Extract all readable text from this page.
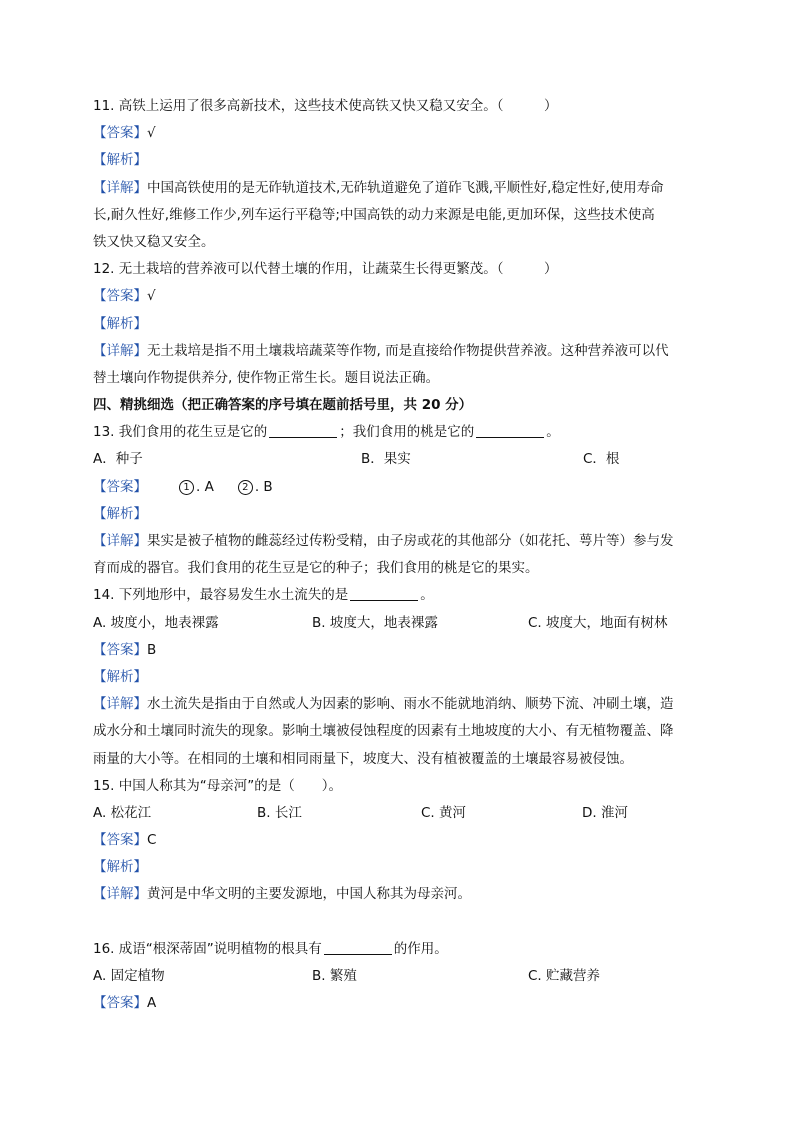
11. 高铁上运用了很多高新技术，这些技术使高铁又快又稳又安全。（　　　）
【答案】√
【解析】
【详解】中国高铁使用的是无砟轨道技术,无砟轨道避免了道砟飞溅,平顺性好,稳定性好,使用寿命
长,耐久性好,维修工作少,列车运行平稳等;中国高铁的动力来源是电能,更加环保，这些技术使高
铁又快又稳又安全。
12. 无土栽培的营养液可以代替土壤的作用，让蔬菜生长得更繁茂。（　　　）
【答案】√
【解析】
【详解】无土栽培是指不用土壤栽培蔬菜等作物, 而是直接给作物提供营养液。这种营养液可以代
替土壤向作物提供养分, 使作物正常生长。题目说法正确。
四、精挑细选（把正确答案的序号填在题前括号里，共 20 分）
13. 我们食用的花生豆是它的	；我们食用的桃是它的	。
A．种子	B．果实	C．根
【答案】	1 . A	2 . B
【解析】
【详解】果实是被子植物的雌蕊经过传粉受精，由子房或花的其他部分（如花托、萼片等）参与发
育而成的器官。我们食用的花生豆是它的种子；我们食用的桃是它的果实。
14. 下列地形中，最容易发生水土流失的是	。
A. 坡度小，地表裸露	B. 坡度大，地表裸露	C. 坡度大，地面有树林
【答案】B
【解析】
【详解】水土流失是指由于自然或人为因素的影响、雨水不能就地消纳、顺势下流、冲刷土壤，造
成水分和土壤同时流失的现象。影响土壤被侵蚀程度的因素有土地坡度的大小、有无植物覆盖、降
雨量的大小等。在相同的土壤和相同雨量下，坡度大、没有植被覆盖的土壤最容易被侵蚀。
15. 中国人称其为“母亲河”的是（　　）。
A. 松花江	B. 长江	C. 黄河	D. 淮河
【答案】C
【解析】
【详解】黄河是中华文明的主要发源地，中国人称其为母亲河。
16. 成语“根深蒂固”说明植物的根具有	的作用。
A. 固定植物	B. 繁殖	C. 贮藏营养
【答案】A
